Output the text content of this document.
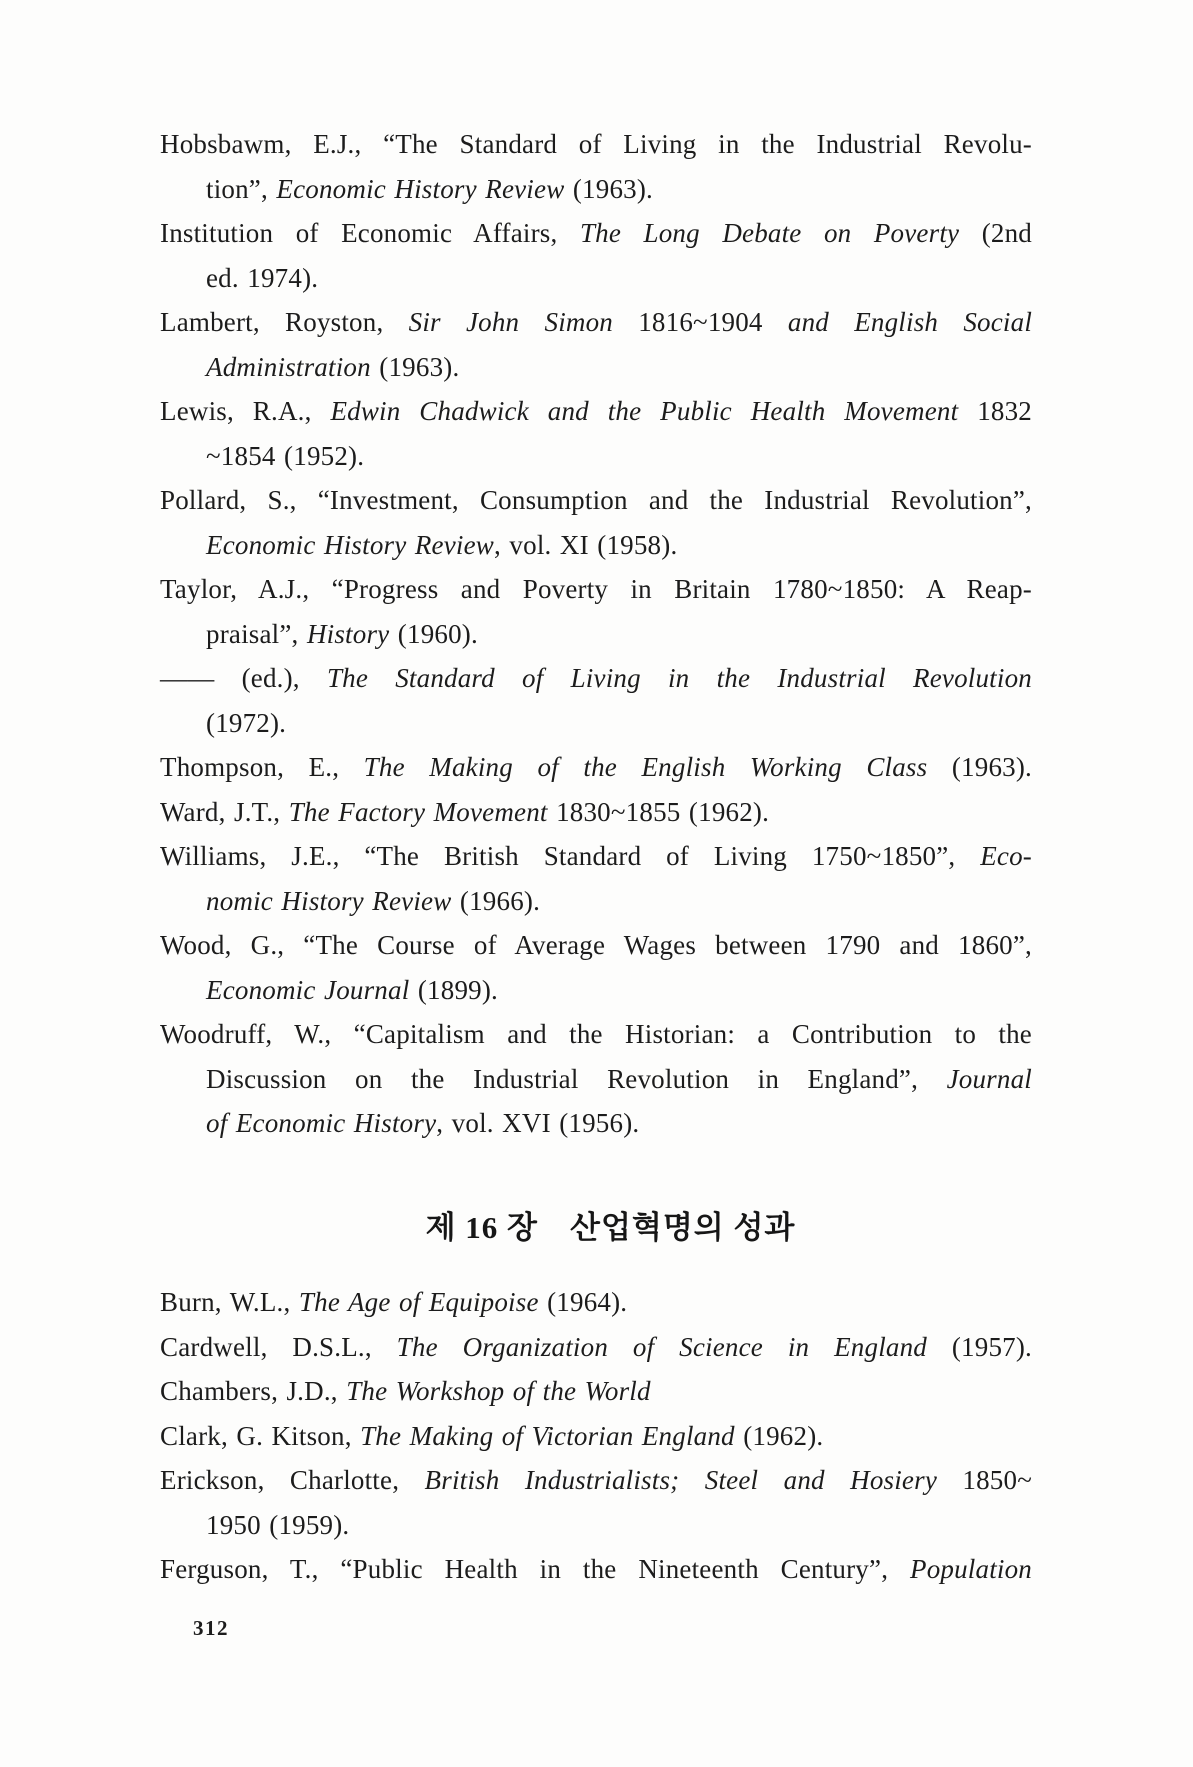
Hobsbawm, E.J., “The Standard of Living in the Industrial Revolu-
tion”, Economic History Review (1963).
Institution of Economic Affairs, The Long Debate on Poverty (2nd
ed. 1974).
Lambert, Royston, Sir John Simon 1816~1904 and English Social
Administration (1963).
Lewis, R.A., Edwin Chadwick and the Public Health Movement 1832
~1854 (1952).
Pollard, S., “Investment, Consumption and the Industrial Revolution”,
Economic History Review, vol. XI (1958).
Taylor, A.J., “Progress and Poverty in Britain 1780~1850: A Reap-
praisal”, History (1960).
—— (ed.), The Standard of Living in the Industrial Revolution
(1972).
Thompson, E., The Making of the English Working Class (1963).
Ward, J.T., The Factory Movement 1830~1855 (1962).
Williams, J.E., “The British Standard of Living 1750~1850”, Eco-
nomic History Review (1966).
Wood, G., “The Course of Average Wages between 1790 and 1860”,
Economic Journal (1899).
Woodruff, W., “Capitalism and the Historian: a Contribution to the
Discussion on the Industrial Revolution in England”, Journal
of Economic History, vol. XVI (1956).
제 16 장　산업혁명의 성과
Burn, W.L., The Age of Equipoise (1964).
Cardwell, D.S.L., The Organization of Science in England (1957).
Chambers, J.D., The Workshop of the World
Clark, G. Kitson, The Making of Victorian England (1962).
Erickson, Charlotte, British Industrialists; Steel and Hosiery 1850~
1950 (1959).
Ferguson, T., “Public Health in the Nineteenth Century”, Population
312
